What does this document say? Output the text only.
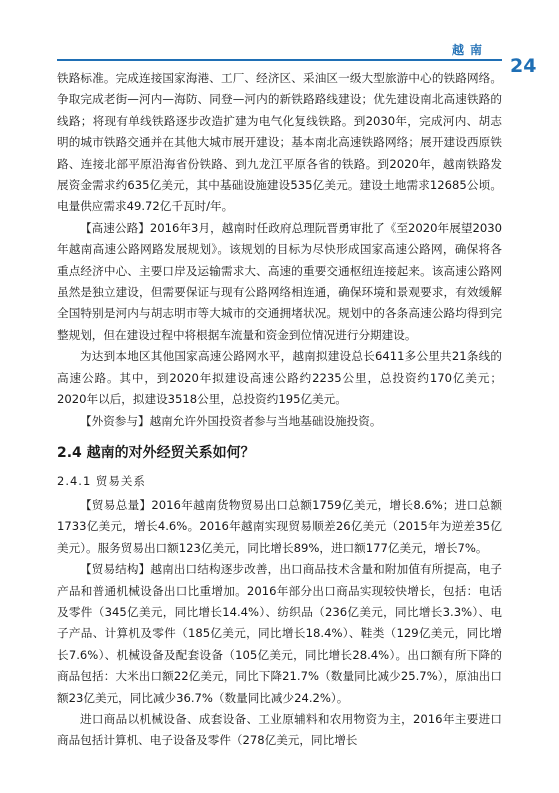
越南
24

铁路标准。完成连接国家海港、工厂、经济区、采油区一级大型旅游中心的铁路网络。争取完成老街—河内—海防、同登—河内的新铁路路线建设；优先建设南北高速铁路的线路；将现有单线铁路逐步改造扩建为电气化复线铁路。到2030年，完成河内、胡志明的城市铁路交通并在其他大城市展开建设；基本南北高速铁路网络；展开建设西原铁路、连接北部平原沿海省份铁路、到九龙江平原各省的铁路。到2020年，越南铁路发展资金需求约635亿美元，其中基础设施建设535亿美元。建设土地需求12685公顷。电量供应需求49.72亿千瓦时/年。

【高速公路】2016年3月，越南时任政府总理阮晋勇审批了《至2020年展望2030年越南高速公路网路发展规划》。该规划的目标为尽快形成国家高速公路网，确保将各重点经济中心、主要口岸及运输需求大、高速的重要交通枢纽连接起来。该高速公路网虽然是独立建设，但需要保证与现有公路网络相连通，确保环境和景观要求，有效缓解全国特别是河内与胡志明市等大城市的交通拥堵状况。规划中的各条高速公路均得到完整规划，但在建设过程中将根据车流量和资金到位情况进行分期建设。

为达到本地区其他国家高速公路网水平，越南拟建设总长6411多公里共21条线的高速公路。其中，到2020年拟建设高速公路约2235公里，总投资约170亿美元；2020年以后，拟建设3518公里，总投资约195亿美元。

【外资参与】越南允许外国投资者参与当地基础设施投资。

2.4 越南的对外经贸关系如何？
2.4.1 贸易关系

【贸易总量】2016年越南货物贸易出口总额1759亿美元，增长8.6%；进口总额1733亿美元，增长4.6%。2016年越南实现贸易顺差26亿美元（2015年为逆差35亿美元）。服务贸易出口额123亿美元，同比增长89%，进口额177亿美元，增长7%。

【贸易结构】越南出口结构逐步改善，出口商品技术含量和附加值有所提高，电子产品和普通机械设备出口比重增加。2016年部分出口商品实现较快增长，包括：电话及零件（345亿美元，同比增长14.4%）、纺织品（236亿美元，同比增长3.3%）、电子产品、计算机及零件（185亿美元，同比增长18.4%）、鞋类（129亿美元，同比增长7.6%）、机械设备及配套设备（105亿美元，同比增长28.4%）。出口额有所下降的商品包括：大米出口额22亿美元，同比下降21.7%（数量同比减少25.7%），原油出口额23亿美元，同比减少36.7%（数量同比减少24.2%）。

进口商品以机械设备、成套设备、工业原辅料和农用物资为主，2016年主要进口商品包括计算机、电子设备及零件（278亿美元，同比增长
